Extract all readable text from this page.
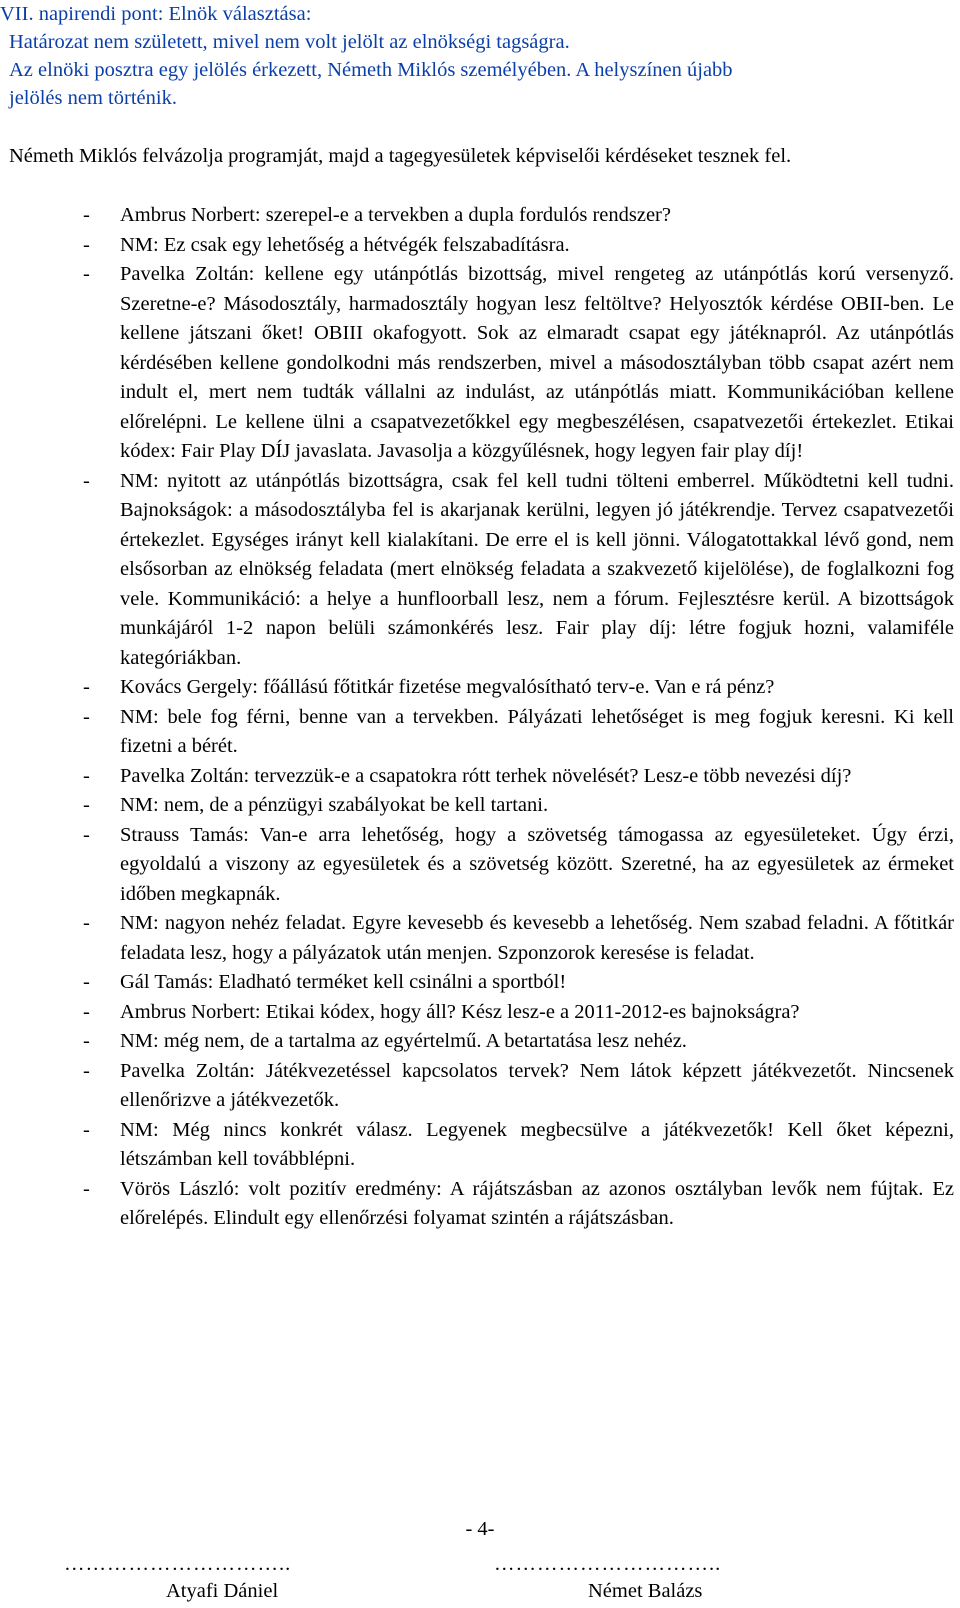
VII. napirendi pont: Elnök választása:
Határozat nem született, mivel nem volt jelölt az elnökségi tagságra.
Az elnöki posztra egy jelölés érkezett, Németh Miklós személyében. A helyszínen újabb
jelölés nem történik.
Németh Miklós felvázolja programját, majd a tagegyesületek képviselői kérdéseket tesznek fel.
- Ambrus Norbert: szerepel-e a tervekben a dupla fordulós rendszer?
- NM: Ez csak egy lehetőség a hétvégék felszabadításra.
- Pavelka Zoltán: kellene egy utánpótlás bizottság, mivel rengeteg az utánpótlás korú versenyző. Szeretne-e? Másodosztály, harmadosztály hogyan lesz feltöltve? Helyosztók kérdése OBII-ben. Le kellene játszani őket! OBIII okafogyott. Sok az elmaradt csapat egy játéknapról. Az utánpótlás kérdésében kellene gondolkodni más rendszerben, mivel a másodosztályban több csapat azért nem indult el, mert nem tudták vállalni az indulást, az utánpótlás miatt. Kommunikációban kellene előrelépni. Le kellene ülni a csapatvezetőkkel egy megbeszélésen, csapatvezetői értekezlet. Etikai kódex: Fair Play DÍJ javaslata. Javasolja a közgyűlésnek, hogy legyen fair play díj!
- NM: nyitott az utánpótlás bizottságra, csak fel kell tudni tölteni emberrel. Működtetni kell tudni. Bajnokságok: a másodosztályba fel is akarjanak kerülni, legyen jó játékrendje. Tervez csapatvezetői értekezlet. Egységes irányt kell kialakítani. De erre el is kell jönni. Válogatottakkal lévő gond, nem elsősorban az elnökség feladata (mert elnökség feladata a szakvezető kijelölése), de foglalkozni fog vele. Kommunikáció: a helye a hunfloorball lesz, nem a fórum. Fejlesztésre kerül. A bizottságok munkájáról 1-2 napon belüli számonkérés lesz. Fair play díj: létre fogjuk hozni, valamiféle kategóriákban.
- Kovács Gergely: főállású főtitkár fizetése megvalósítható terv-e. Van e rá pénz?
- NM: bele fog férni, benne van a tervekben. Pályázati lehetőséget is meg fogjuk keresni. Ki kell fizetni a bérét.
- Pavelka Zoltán: tervezzük-e a csapatokra rótt terhek növelését? Lesz-e több nevezési díj?
- NM: nem, de a pénzügyi szabályokat be kell tartani.
- Strauss Tamás: Van-e arra lehetőség, hogy a szövetség támogassa az egyesületeket. Úgy érzi, egyoldalú a viszony az egyesületek és a szövetség között. Szeretné, ha az egyesületek az érmeket időben megkapnák.
- NM: nagyon nehéz feladat. Egyre kevesebb és kevesebb a lehetőség. Nem szabad feladni. A főtitkár feladata lesz, hogy a pályázatok után menjen. Szponzorok keresése is feladat.
- Gál Tamás: Eladható terméket kell csinálni a sportból!
- Ambrus Norbert: Etikai kódex, hogy áll? Kész lesz-e a 2011-2012-es bajnokságra?
- NM: még nem, de a tartalma az egyértelmű. A betartatása lesz nehéz.
- Pavelka Zoltán: Játékvezetéssel kapcsolatos tervek? Nem látok képzett játékvezetőt. Nincsenek ellenőrizve a játékvezetők.
- NM: Még nincs konkrét válasz. Legyenek megbecsülve a játékvezetők! Kell őket képezni, létszámban kell továbblépni.
- Vörös László: volt pozitív eredmény: A rájátszásban az azonos osztályban levők nem fújtak. Ez előrelépés. Elindult egy ellenőrzési folyamat szintén a rájátszásban.
- 4-
…………………………..	…………………………..
Atyafi Dániel	Német Balázs
